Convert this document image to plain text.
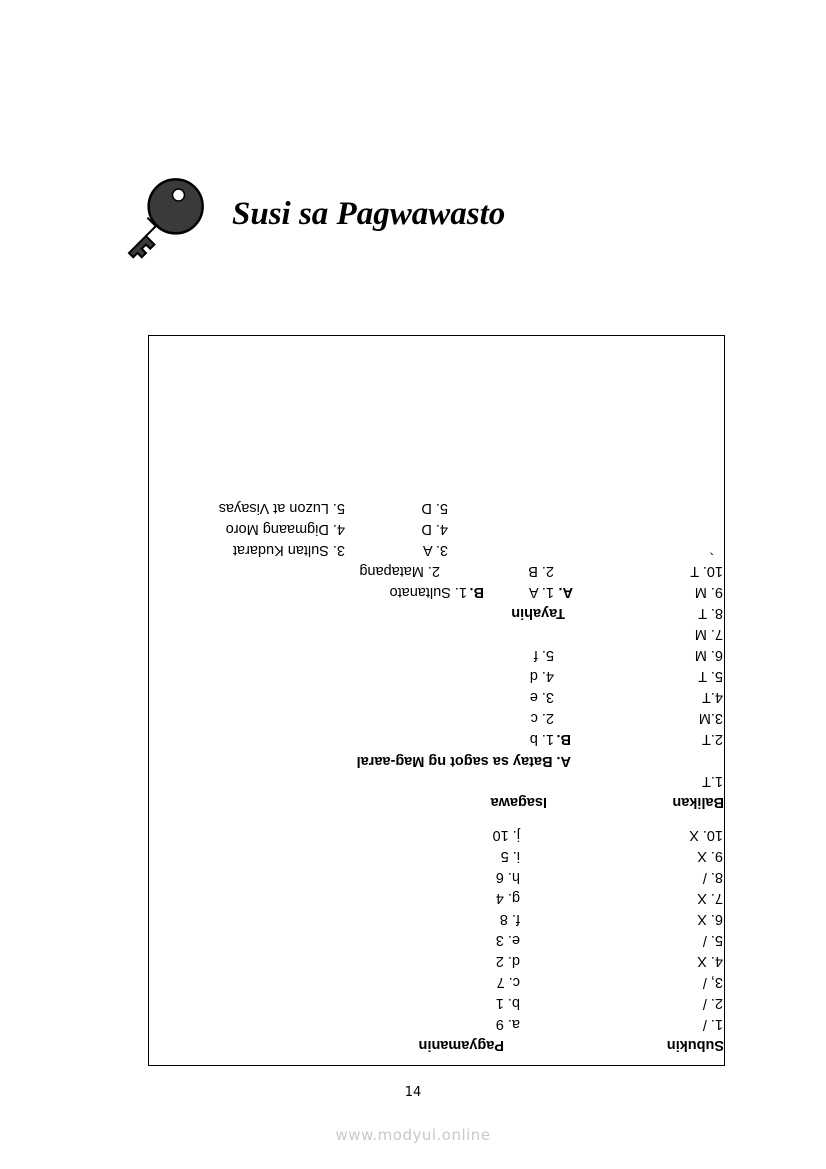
Susi sa Pagwawasto
Subukin
1. /
2. /
3, /
4. X
5. /
6. X
7. X
8. /
9. X
10. X
Pagyamanin
a. 9
b. 1
c. 7
d. 2
e. 3
f. 8
g. 4
h. 6
i. 5
j. 10
Balikan
1.T
2.T
3.M
4.T
5. T
6. M
7. M
8. T
9. M
10. T
Isagawa
A. Batay sa sagot ng Mag-aaral
B.
1. b
2. c
3. e
4. d
5. f
Tayahin
A.
1. A
2. B
3. A
4. D
5. D
B.
1. Sultanato
2. Matapang
3. Sultan Kudarat
4. Digmaang Moro
5. Luzon at Visayas
`
14
www.modyul.online
